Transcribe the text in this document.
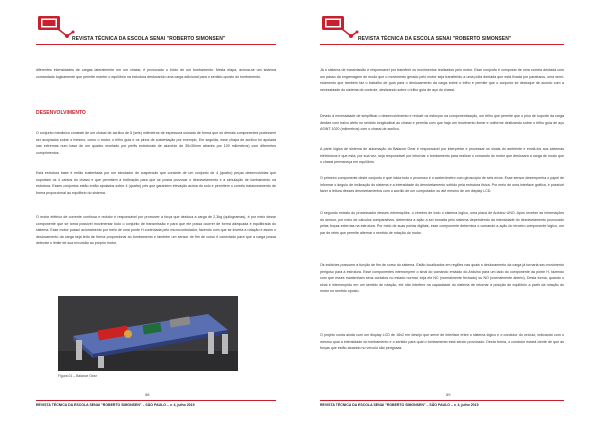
REVISTA TÉCNICA DA ESCOLA SENAI "ROBERTO SIMONSEN"

diferentes intensidades de cargas lateralmente em um chassi, é provocado o início de um tombamento. Nesta etapa, aciona-se um sistema comandado logicamente que permite manter o equilíbrio na estrutura deslocando uma carga adicional para o sentido oposto do tombamento.

DESENVOLVIMENTO

O conjunto mecânico consiste de um chassi de acrílico de 6 (seis) milímetros de espessura usinado de forma que os demais componentes pudessem ser acoplados sobre o mesmo, como o motor, o trilho guia e os pinos de sustentação por exemplo. Em seguida, esse chapa de acrílico foi apoiada nas extremas num base de um quadro montado por perfis estruturais de alumínio de 30x30mm através por 100 milímetros) com diferentes comprimentos.

Esta estrutura base é então sustentada por um simulador de suspensão que consiste de um conjunto de 4 (quatro) peças desenvolvidas que suportam os 4 cantos do chassi e que permitem a inclinação para que se possa provocar o desnivelamento e a simulação de tombamento na estrutura. Esses conjuntos estão então apoiados sobre 4 (quatro) pés que garantem elevação acima do solo e permitem o correto balanceamento de forma proporcional ao equilíbrio do sistema.

O motor elétrico de corrente contínua e redutor é responsável por promover a força que desloca a carga de 2,3kg (quilogramas), é por meio desse componente que se torna possível movimentar todo o conjunto de transmissão e para que ele possa ocorrer de forma adequada e equilibrada do sistema. Esse motor possui acionamento por meio de uma ponte H controlada pelo microcontrolador, fazendo com que se inverta a rotação e assim o deslocamento da carga seja feito de forma proporcional ao tombamento e também um sensor de fim de curso é conectado para que a carga possa detectar o limite de sua excursão ao próprio motor.

Figura 01 – Balance Gear
58
REVISTA TÉCNICA DA ESCOLA SENAI "ROBERTO SIMONSEN" – SÃO PAULO – v. 4, julho 2019
REVISTA TÉCNICA DA ESCOLA SENAI "ROBERTO SIMONSEN"

Já o sistema de transmissão é responsável por transferir os movimentos realizados pelo motor. Esse conjunto é composto de uma correia dentada com um passo da engrenagem de modo que o movimento gerado pelo motor seja transferido a uma polia dentada que está fixada por parafusos, uma semi-rolamento que também faz o trabalho de guia para o deslocamento da carga sobre o trilho e permite que o conjunto se desloque de acordo com a necessidade do sistema de controle, deslizando sobre o trilho guia de aço do chassi.

Devido à necessidade de simplificar o desenvolvimento e reduzir os esforços na componentização, um trilho que permite que o pino de suporte da carga deslize com baixo atrito no sentido longitudinal ao chassi e permita com que haja um movimento linear e uniforme deslizando sobre o trilho guia de aço ASINT 1020 (milímetros) com o chassi de acrílico.

A parte lógica de sistema de automação do Balance Gear é responsável por interpretar e processar os sinais do ambiente e enviá-los aos sistemas eletrônicos e que esta, por sua vez, seja responsável por informar o tombamento para realizar o comando do motor que deslocará a carga de modo que o chassi permaneça em equilíbrio.

O primeiro componente deste conjunto e que inicia todo o processo é o acelerômetro com giroscópio de seis eixos. Esse sensor desempenha o papel de informar o ângulo de inclinação do sistema e a intensidade do desnivelamento sofrido pela estrutura física. Por meio de uma interface gráfica, é possível fazer a leitura desses desnivelamentos com o auxílio de um computador ou até mesmo de um display LCD.

O segundo estrato do processador desses informações, o cérebro de todo o sistema lógico, uma placa de Arduino UNO. Após receber as informações do sensor, por meio de cálculos comparativos, determina a ação a ser tomada pelo sistema dependendo da intensidade do desnivelamento provocado pelas forças externas na estrutura. Por meio de suas portas digitais, esse componente determina o comando a ação do terceiro componente lógico, um par de relés que permite alternar o sentido de rotação do motor.

Os switches possuem a função de fim de curso do sistema. Estão localizados em regiões nas quais o deslocamento da carga já tornaria seu movimento perigoso para a estrutura. Esse componentes interrompem o sinal do comando enviado do Arduino para um lado do componente da ponte H, fazendo com que esses mantenham seus contatos no estado normal, seja ele NC (normalmente fechado) ou NO (normalmente aberto). Desta forma, quando o sinal é interrompido em um sentido de rotação, ele não interfere na capacidade do sistema de retornar à posição de equilíbrio a partir da rotação do motor no sentido oposto.

O projeto conta ainda com um display LCD de 16x2 em desejo que serve de interface entre o sistema lógico e o condutor do veículo, indicando com o mesmo qual a intensidade do tombamento e o sentido para qual o tombamento está sendo provocado. Desta forma, o condutor estará ciente de que as forças que estão atuando no veículo são perigosas.

59
REVISTA TÉCNICA DA ESCOLA SENAI "ROBERTO SIMONSEN" – SÃO PAULO – v. 4, julho 2019
